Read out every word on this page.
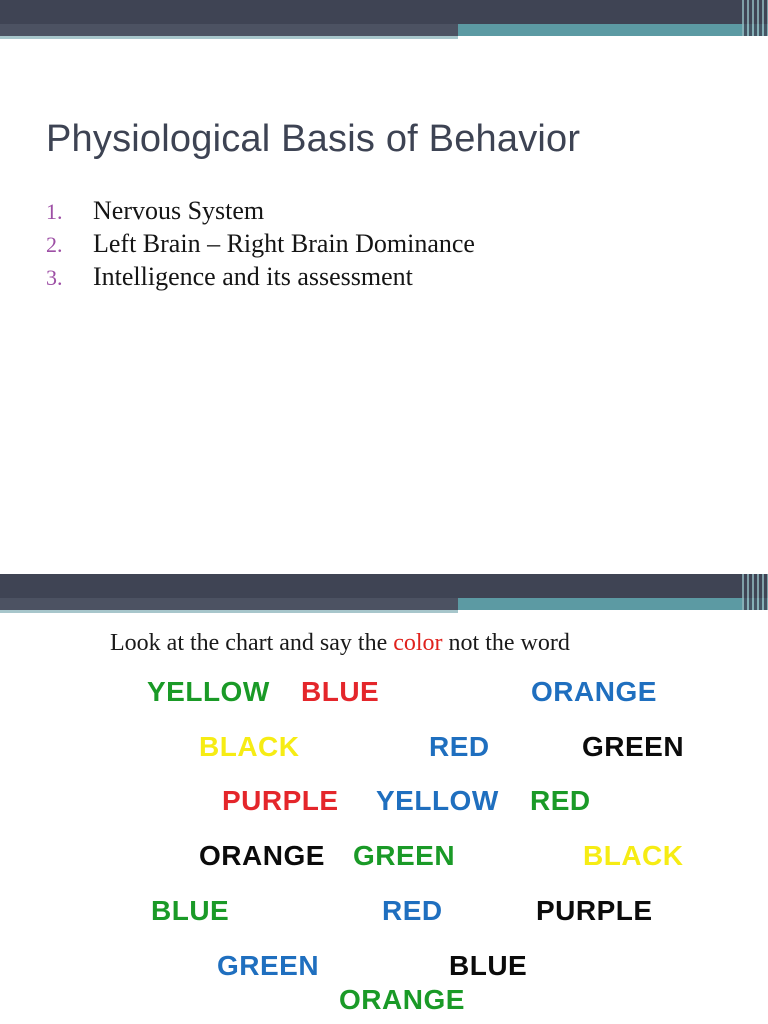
Physiological Basis of Behavior
1.	Nervous System
2.	Left Brain – Right Brain Dominance
3.	Intelligence and its assessment
Look at the chart and say the color not the word
YELLOW BLUE	ORANGE
BLACK	RED	GREEN
PURPLE YELLOW RED
ORANGE GREEN	BLACK
BLUE	RED	PURPLE
GREEN	BLUE
ORANGE
